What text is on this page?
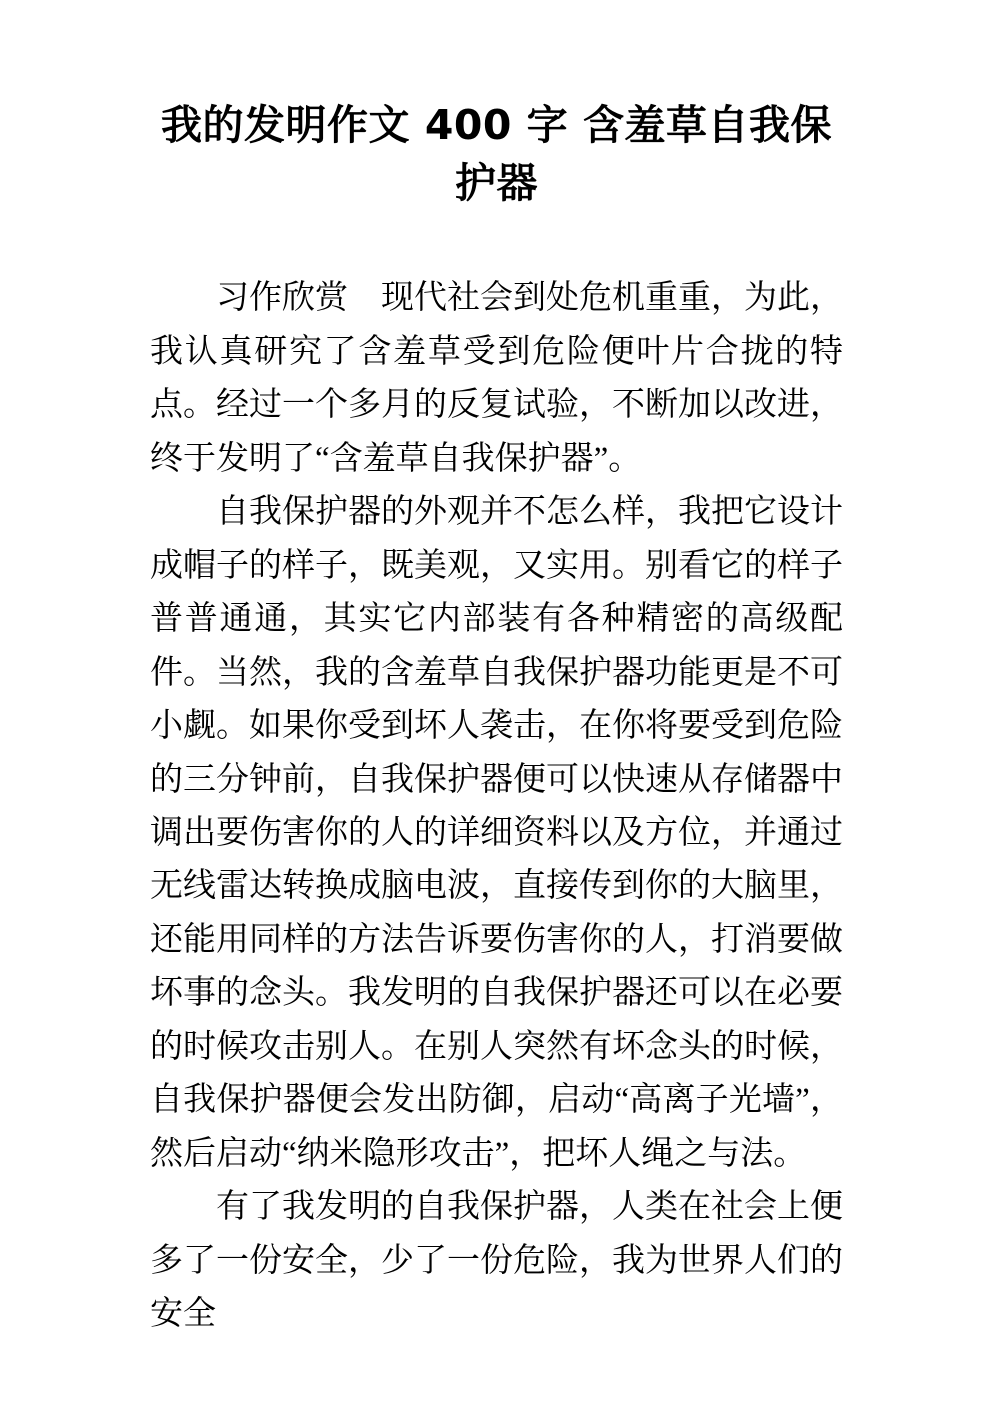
我的发明作文 400 字 含羞草自我保护器

习作欣赏　现代社会到处危机重重，为此，我认真研究了含羞草受到危险便叶片合拢的特点。经过一个多月的反复试验，不断加以改进，终于发明了“含羞草自我保护器”。

自我保护器的外观并不怎么样，我把它设计成帽子的样子，既美观，又实用。别看它的样子普普通通，其实它内部装有各种精密的高级配件。当然，我的含羞草自我保护器功能更是不可小觑。如果你受到坏人袭击，在你将要受到危险的三分钟前，自我保护器便可以快速从存储器中调出要伤害你的人的详细资料以及方位，并通过无线雷达转换成脑电波，直接传到你的大脑里，还能用同样的方法告诉要伤害你的人，打消要做坏事的念头。我发明的自我保护器还可以在必要的时候攻击别人。在别人突然有坏念头的时候，自我保护器便会发出防御，启动“高离子光墙”，然后启动“纳米隐形攻击”，把坏人绳之与法。

有了我发明的自我保护器，人类在社会上便多了一份安全，少了一份危险，我为世界人们的安全
